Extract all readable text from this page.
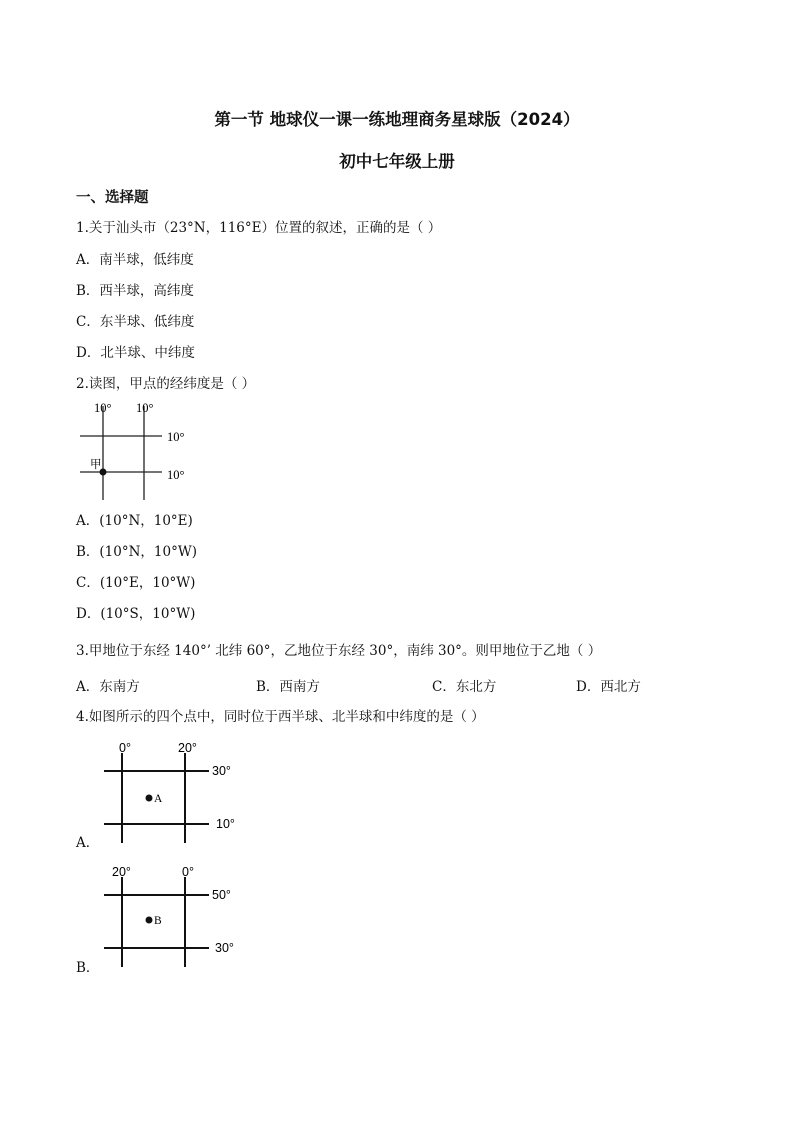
第一节 地球仪一课一练地理商务星球版（2024）
初中七年级上册
一、选择题
1.关于汕头市（23°N，116°E）位置的叙述，正确的是（ ）
A．南半球，低纬度
B．西半球，高纬度
C．东半球、低纬度
D．北半球、中纬度
2.读图，甲点的经纬度是（ ）
10° 10°
10°
10°
甲
A．(10°N，10°E)
B．(10°N，10°W)
C．(10°E，10°W)
D．(10°S，10°W)
3.甲地位于东经 140°’ 北纬 60°，乙地位于东经 30°，南纬 30°。则甲地位于乙地（ ）
A．东南方	B．西南方	C．东北方	D．西北方
4.如图所示的四个点中，同时位于西半球、北半球和中纬度的是（ ）
A．
0°	20°
30°
10°
A
B．
20°	0°
50°
30°
B
